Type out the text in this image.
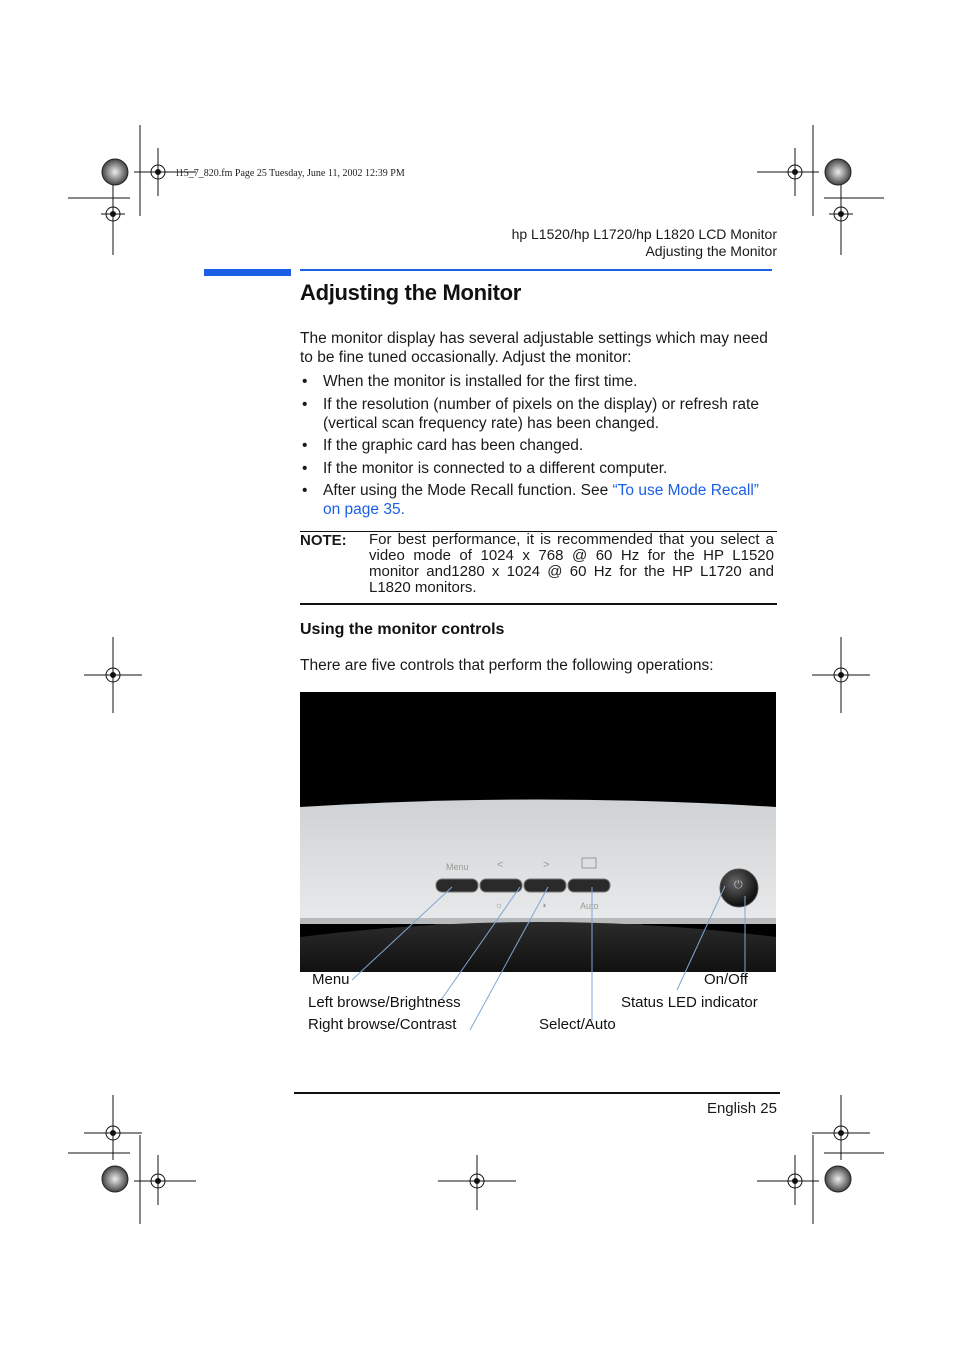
l15_7_820.fm Page 25 Tuesday, June 11, 2002 12:39 PM
hp L1520/hp L1720/hp L1820 LCD Monitor
Adjusting the Monitor
Adjusting the Monitor
The monitor display has several adjustable settings which may need to be fine tuned occasionally. Adjust the monitor:
• When the monitor is installed for the first time.
• If the resolution (number of pixels on the display) or refresh rate (vertical scan frequency rate) has been changed.
• If the graphic card has been changed.
• If the monitor is connected to a different computer.
• After using the Mode Recall function. See “To use Mode Recall” on page 35.
NOTE: For best performance, it is recommended that you select a video mode of 1024 x 768 @ 60 Hz for the HP L1520 monitor and1280 x 1024 @ 60 Hz for the HP L1720 and L1820 monitors.
Using the monitor controls
There are five controls that perform the following operations:
Menu	<	>
☼	◑	Auto
⏻
Menu
Left browse/Brightness
Right browse/Contrast	Select/Auto
On/Off
Status LED indicator
English 25
